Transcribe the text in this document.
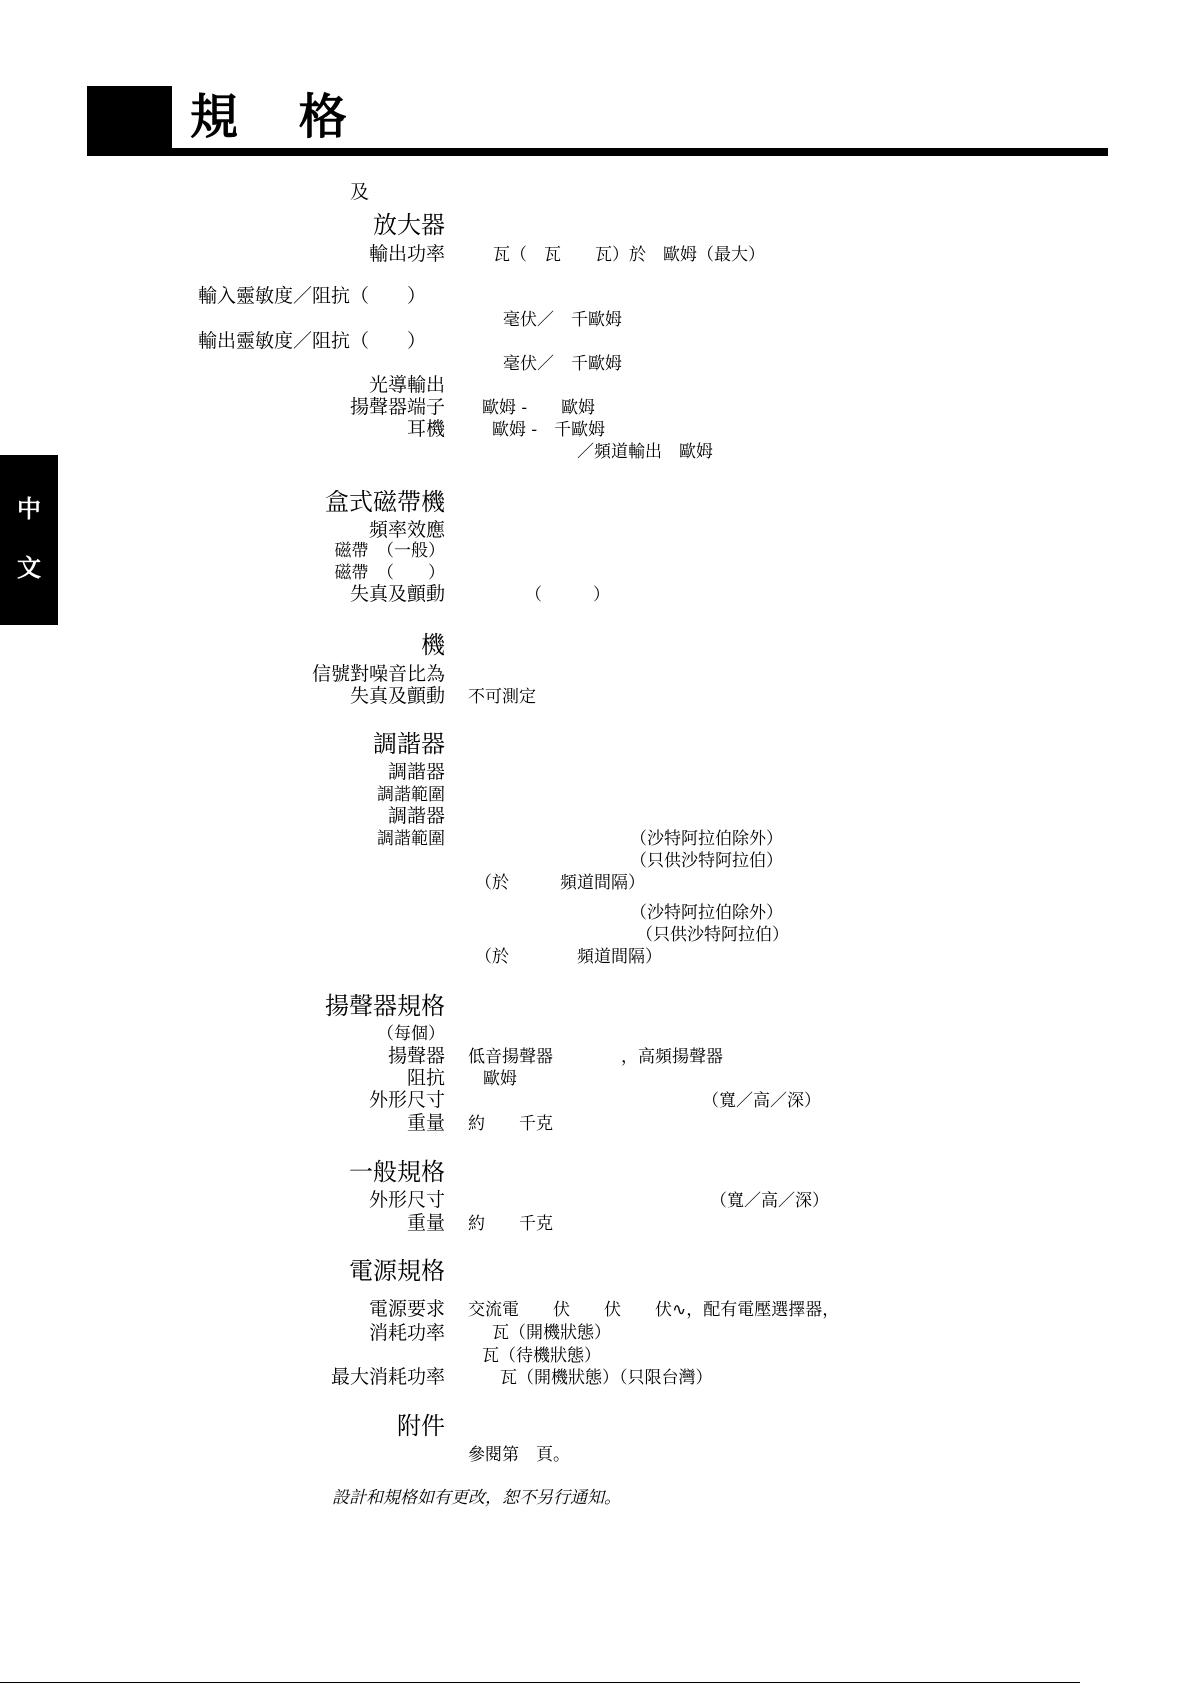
規 格
中
文
及
放大器
輸出功率	瓦（　瓦　　瓦）於　歐姆（最大）
輸入靈敏度／阻抗（　　）
毫伏／　千歐姆
輸出靈敏度／阻抗（　　）
毫伏／　千歐姆
光導輸出
揚聲器端子 歐姆 -　　歐姆
耳機	歐姆 -　千歐姆
／頻道輸出　歐姆
盒式磁帶機
頻率效應
磁帶　（一般）
磁帶　（　　）
失真及顫動	（　　　）
機
信號對噪音比為
失真及顫動 不可測定
調諧器
調諧器
調諧範圍
調諧器
調諧範圍	（沙特阿拉伯除外）
（只供沙特阿拉伯）
（於　　　頻道間隔）
（沙特阿拉伯除外）
（只供沙特阿拉伯）
（於　　　　頻道間隔）
揚聲器規格
（每個）
揚聲器 低音揚聲器　　　　，高頻揚聲器
阻抗 歐姆
外形尺寸	（寬／高／深）
重量 約　　千克
一般規格
外形尺寸	（寬／高／深）
重量 約　　千克
電源規格
電源要求 交流電　　伏　　伏　　伏∿，配有電壓選擇器，
消耗功率	瓦（開機狀態）
瓦（待機狀態）
最大消耗功率	瓦（開機狀態）（只限台灣）
附件
參閱第　頁。
設計和規格如有更改，恕不另行通知。
